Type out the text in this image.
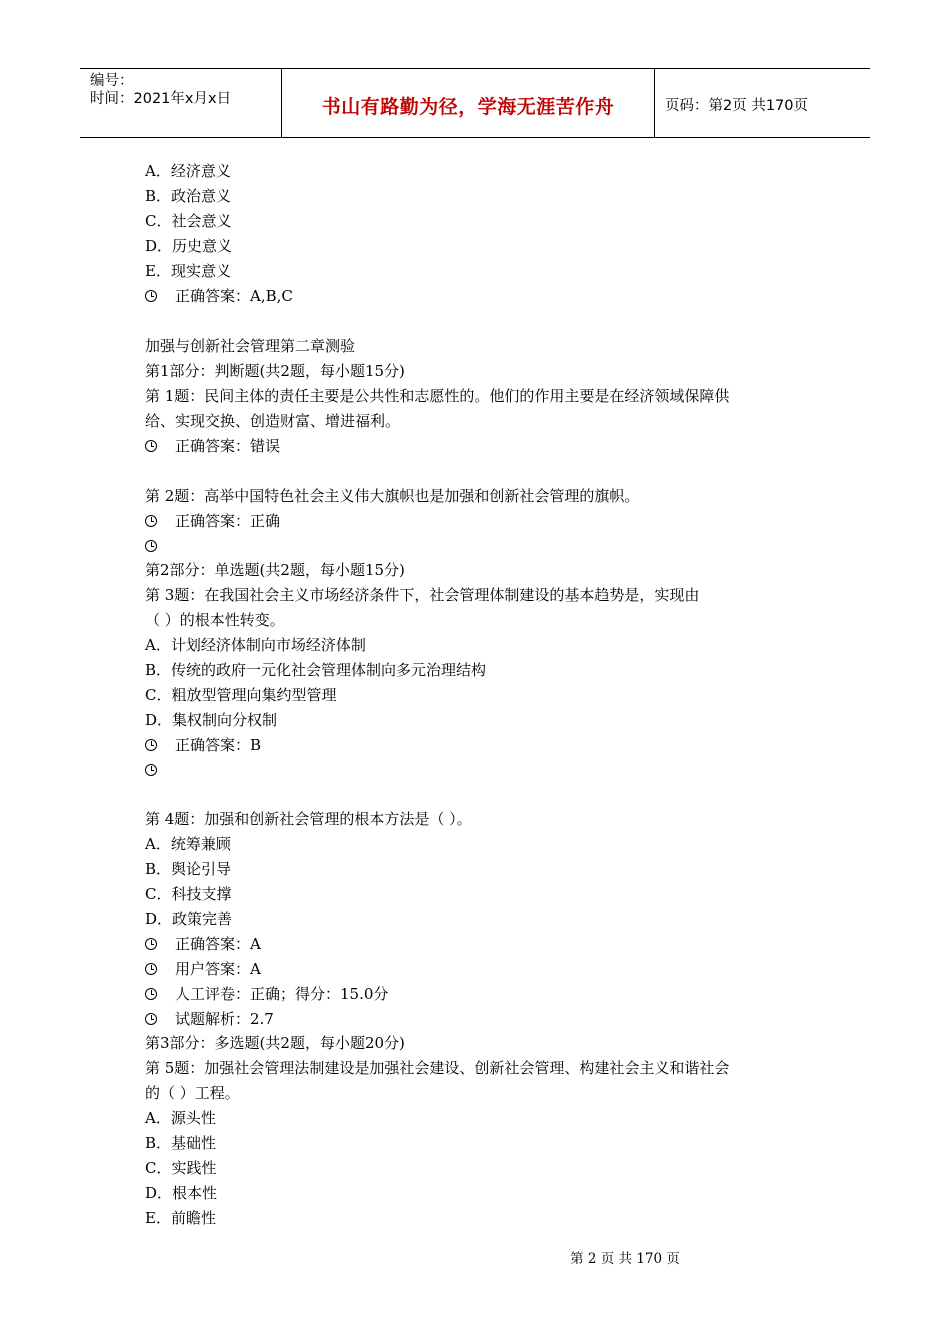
编号：
时间：2021年x月x日	书山有路勤为径，学海无涯苦作舟	页码：第2页 共170页
A．经济意义
B．政治意义
C．社会意义
D．历史意义
E．现实意义
正确答案：A,B,C
加强与创新社会管理第二章测验
第1部分：判断题(共2题，每小题15分)
第 1题：民间主体的责任主要是公共性和志愿性的。他们的作用主要是在经济领域保障供
给、实现交换、创造财富、增进福利。
正确答案：错误
第 2题：高举中国特色社会主义伟大旗帜也是加强和创新社会管理的旗帜。
正确答案：正确
第2部分：单选题(共2题，每小题15分)
第 3题：在我国社会主义市场经济条件下，社会管理体制建设的基本趋势是，实现由
（ ）的根本性转变。
A．计划经济体制向市场经济体制
B．传统的政府一元化社会管理体制向多元治理结构
C．粗放型管理向集约型管理
D．集权制向分权制
正确答案：B
第 4题：加强和创新社会管理的根本方法是（ ）。
A．统筹兼顾
B．舆论引导
C．科技支撑
D．政策完善
正确答案：A
用户答案：A
人工评卷：正确；得分：15.0分
试题解析：2.7
第3部分：多选题(共2题，每小题20分)
第 5题：加强社会管理法制建设是加强社会建设、创新社会管理、构建社会主义和谐社会
的（ ）工程。
A．源头性
B．基础性
C．实践性
D．根本性
E．前瞻性
第 2 页 共 170 页
